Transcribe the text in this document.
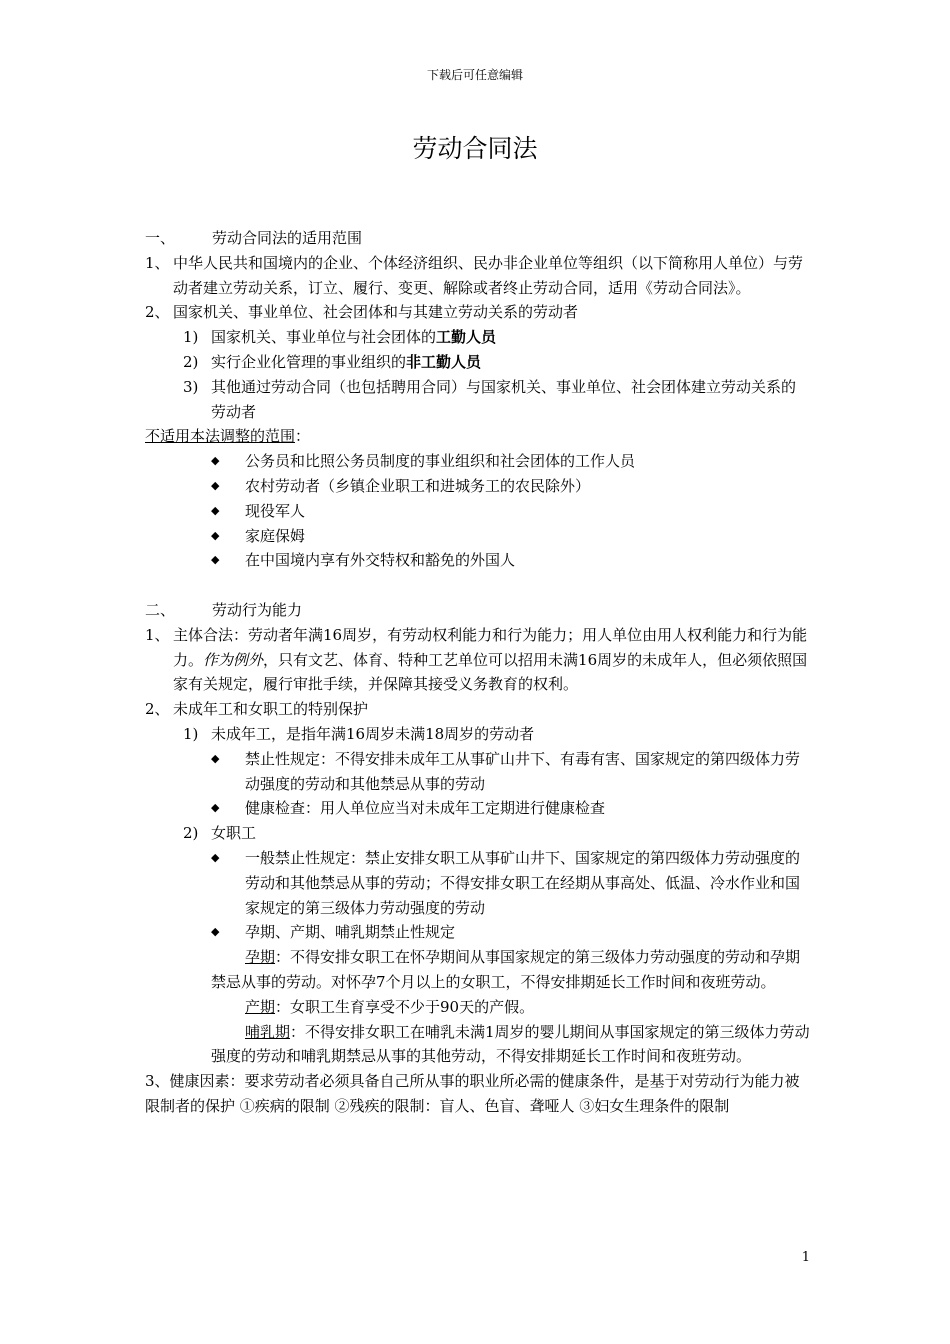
下载后可任意编辑
劳动合同法
一、	劳动合同法的适用范围
1、 中华人民共和国境内的企业、个体经济组织、民办非企业单位等组织（以下简称用人单位）与劳动者建立劳动关系，订立、履行、变更、解除或者终止劳动合同，适用《劳动合同法》。
2、 国家机关、事业单位、社会团体和与其建立劳动关系的劳动者
1) 国家机关、事业单位与社会团体的工勤人员
2) 实行企业化管理的事业组织的非工勤人员
3) 其他通过劳动合同（也包括聘用合同）与国家机关、事业单位、社会团体建立劳动关系的劳动者
不适用本法调整的范围：
◆	公务员和比照公务员制度的事业组织和社会团体的工作人员
◆	农村劳动者（乡镇企业职工和进城务工的农民除外）
◆	现役军人
◆	家庭保姆
◆	在中国境内享有外交特权和豁免的外国人
二、	劳动行为能力
1、 主体合法：劳动者年满16周岁，有劳动权利能力和行为能力；用人单位由用人权利能力和行为能力。作为例外，只有文艺、体育、特种工艺单位可以招用未满16周岁的未成年人，但必须依照国家有关规定，履行审批手续，并保障其接受义务教育的权利。
2、 未成年工和女职工的特别保护
1) 未成年工，是指年满16周岁未满18周岁的劳动者
◆	禁止性规定：不得安排未成年工从事矿山井下、有毒有害、国家规定的第四级体力劳动强度的劳动和其他禁忌从事的劳动
◆	健康检查：用人单位应当对未成年工定期进行健康检查
2) 女职工
◆	一般禁止性规定：禁止安排女职工从事矿山井下、国家规定的第四级体力劳动强度的劳动和其他禁忌从事的劳动；不得安排女职工在经期从事高处、低温、冷水作业和国家规定的第三级体力劳动强度的劳动
◆	孕期、产期、哺乳期禁止性规定
孕期：不得安排女职工在怀孕期间从事国家规定的第三级体力劳动强度的劳动和孕期禁忌从事的劳动。对怀孕7个月以上的女职工，不得安排期延长工作时间和夜班劳动。
产期：女职工生育享受不少于90天的产假。
哺乳期：不得安排女职工在哺乳未满1周岁的婴儿期间从事国家规定的第三级体力劳动强度的劳动和哺乳期禁忌从事的其他劳动，不得安排期延长工作时间和夜班劳动。
3、健康因素：要求劳动者必须具备自己所从事的职业所必需的健康条件，是基于对劳动行为能力被限制者的保护 ①疾病的限制 ②残疾的限制：盲人、色盲、聋哑人 ③妇女生理条件的限制
1
